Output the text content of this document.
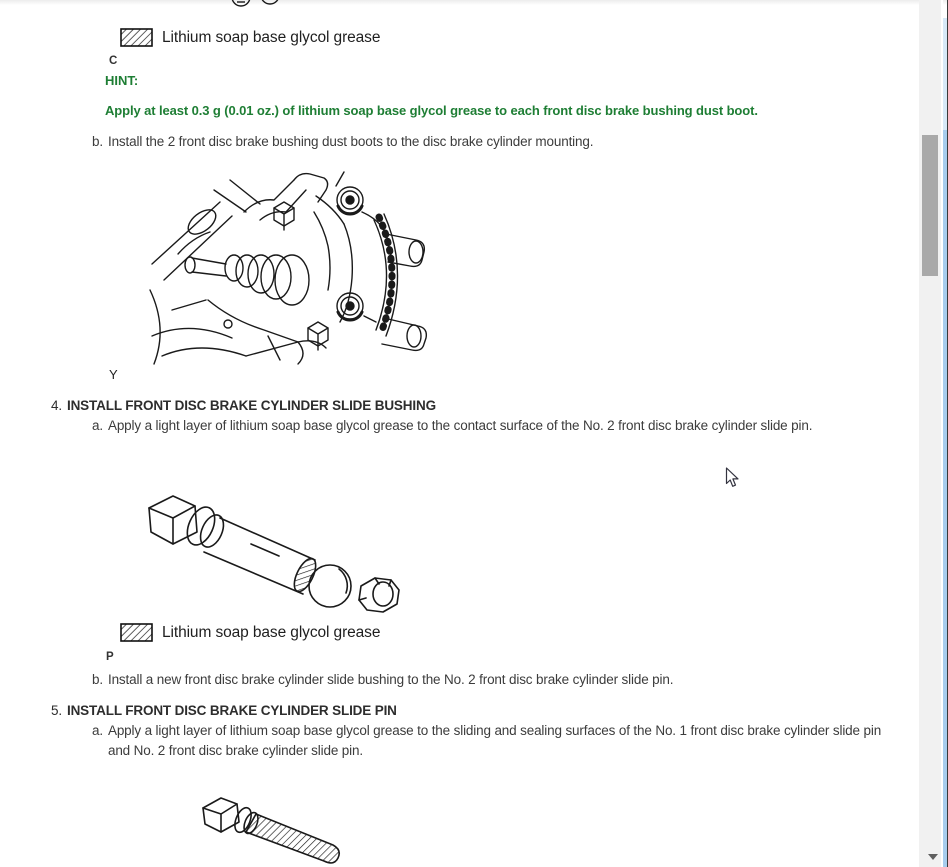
Lithium soap base glycol grease
C
HINT:
Apply at least 0.3 g (0.01 oz.) of lithium soap base glycol grease to each front disc brake bushing dust boot.
b. Install the 2 front disc brake bushing dust boots to the disc brake cylinder mounting.
Y
4. INSTALL FRONT DISC BRAKE CYLINDER SLIDE BUSHING
a. Apply a light layer of lithium soap base glycol grease to the contact surface of the No. 2 front disc brake cylinder slide pin.
Lithium soap base glycol grease
P
b. Install a new front disc brake cylinder slide bushing to the No. 2 front disc brake cylinder slide pin.
5. INSTALL FRONT DISC BRAKE CYLINDER SLIDE PIN
a. Apply a light layer of lithium soap base glycol grease to the sliding and sealing surfaces of the No. 1 front disc brake cylinder slide pin and No. 2 front disc brake cylinder slide pin.
